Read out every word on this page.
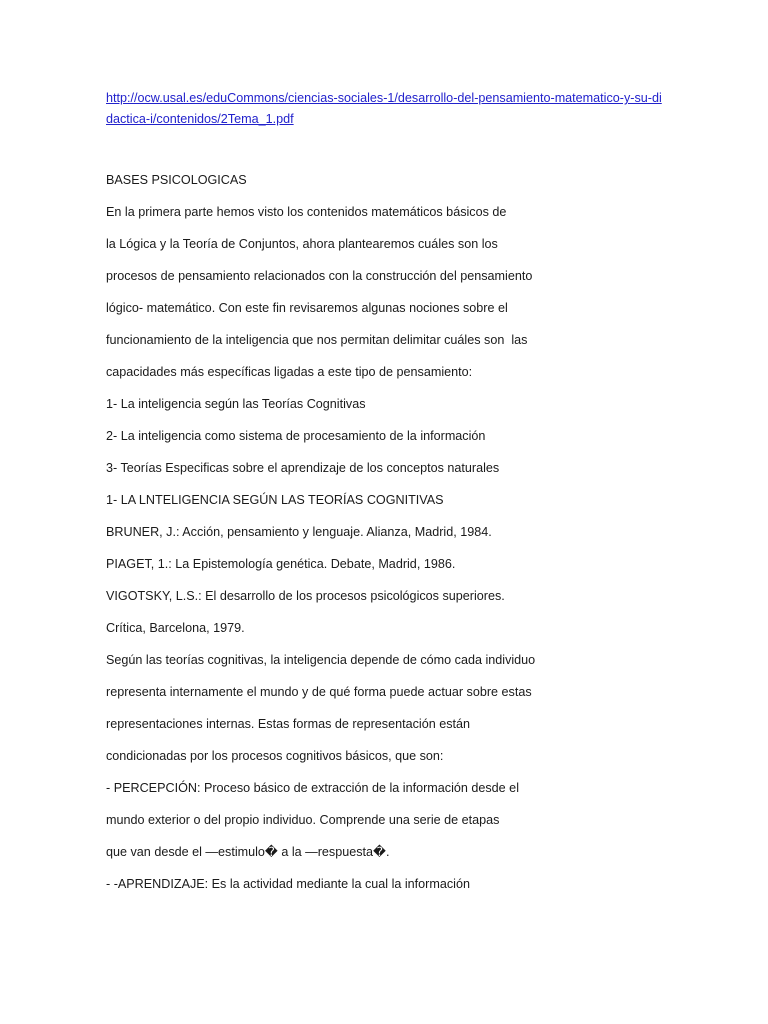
http://ocw.usal.es/eduCommons/ciencias-sociales-1/desarrollo-del-pensamiento-matematico-y-su-didactica-i/contenidos/2Tema_1.pdf

BASES PSICOLOGICAS

En la primera parte hemos visto los contenidos matemáticos básicos de

la Lógica y la Teoría de Conjuntos, ahora plantearemos cuáles son los

procesos de pensamiento relacionados con la construcción del pensamiento

lógico- matemático. Con este fin revisaremos algunas nociones sobre el

funcionamiento de la inteligencia que nos permitan delimitar cuáles son  las

capacidades más específicas ligadas a este tipo de pensamiento:

1- La inteligencia según las Teorías Cognitivas

2- La inteligencia como sistema de procesamiento de la información

3- Teorías Especificas sobre el aprendizaje de los conceptos naturales

1- LA LNTELIGENCIA SEGÚN LAS TEORÍAS COGNITIVAS

BRUNER, J.: Acción, pensamiento y lenguaje. Alianza, Madrid, 1984.

PIAGET, 1.: La Epistemología genética. Debate, Madrid, 1986.

VIGOTSKY, L.S.: El desarrollo de los procesos psicológicos superiores.

Crítica, Barcelona, 1979.

Según las teorías cognitivas, la inteligencia depende de cómo cada individuo

representa internamente el mundo y de qué forma puede actuar sobre estas

representaciones internas. Estas formas de representación están

condicionadas por los procesos cognitivos básicos, que son:

- PERCEPCIÓN: Proceso básico de extracción de la información desde el

mundo exterior o del propio individuo. Comprende una serie de etapas

que van desde el —estimulo� a la —respuesta�.

- -APRENDIZAJE: Es la actividad mediante la cual la información
